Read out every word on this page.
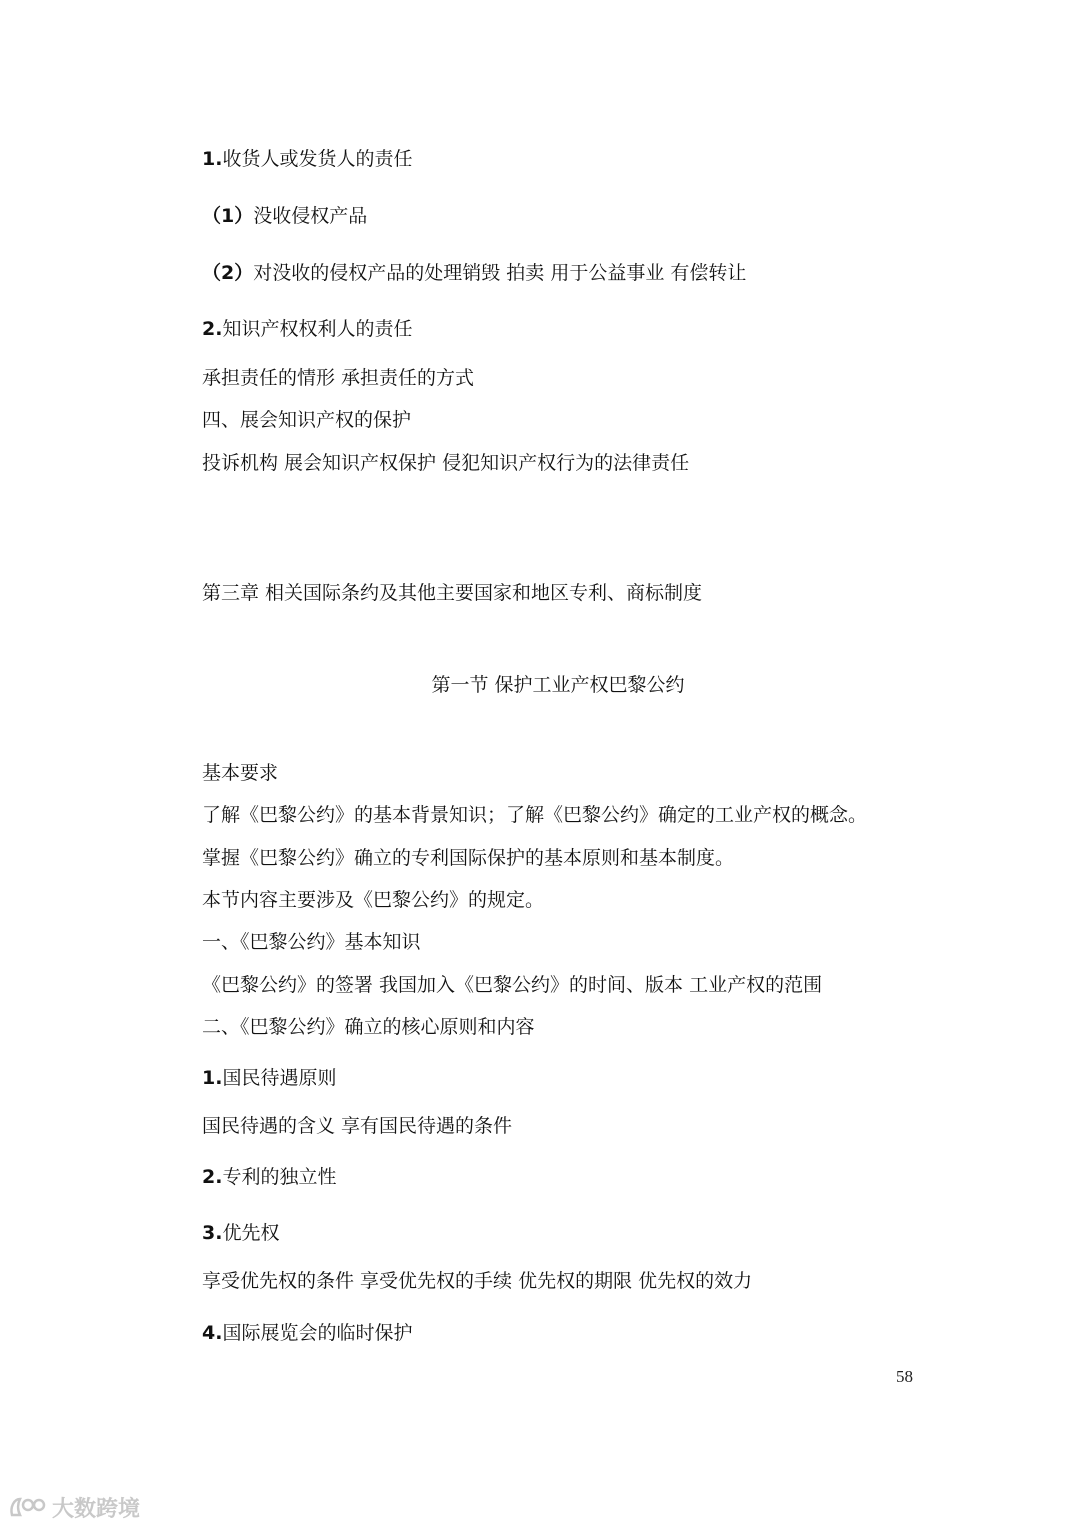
1.收货人或发货人的责任
（1）没收侵权产品
（2）对没收的侵权产品的处理销毁 拍卖 用于公益事业 有偿转让
2.知识产权权利人的责任
承担责任的情形 承担责任的方式
四、展会知识产权的保护
投诉机构 展会知识产权保护 侵犯知识产权行为的法律责任
第三章 相关国际条约及其他主要国家和地区专利、商标制度
第一节 保护工业产权巴黎公约
基本要求
了解《巴黎公约》的基本背景知识；了解《巴黎公约》确定的工业产权的概念。
掌握《巴黎公约》确立的专利国际保护的基本原则和基本制度。
本节内容主要涉及《巴黎公约》的规定。
一、《巴黎公约》基本知识
《巴黎公约》的签署 我国加入《巴黎公约》的时间、版本 工业产权的范围
二、《巴黎公约》确立的核心原则和内容
1.国民待遇原则
国民待遇的含义 享有国民待遇的条件
2.专利的独立性
3.优先权
享受优先权的条件 享受优先权的手续 优先权的期限 优先权的效力
4.国际展览会的临时保护
58
大数跨境
